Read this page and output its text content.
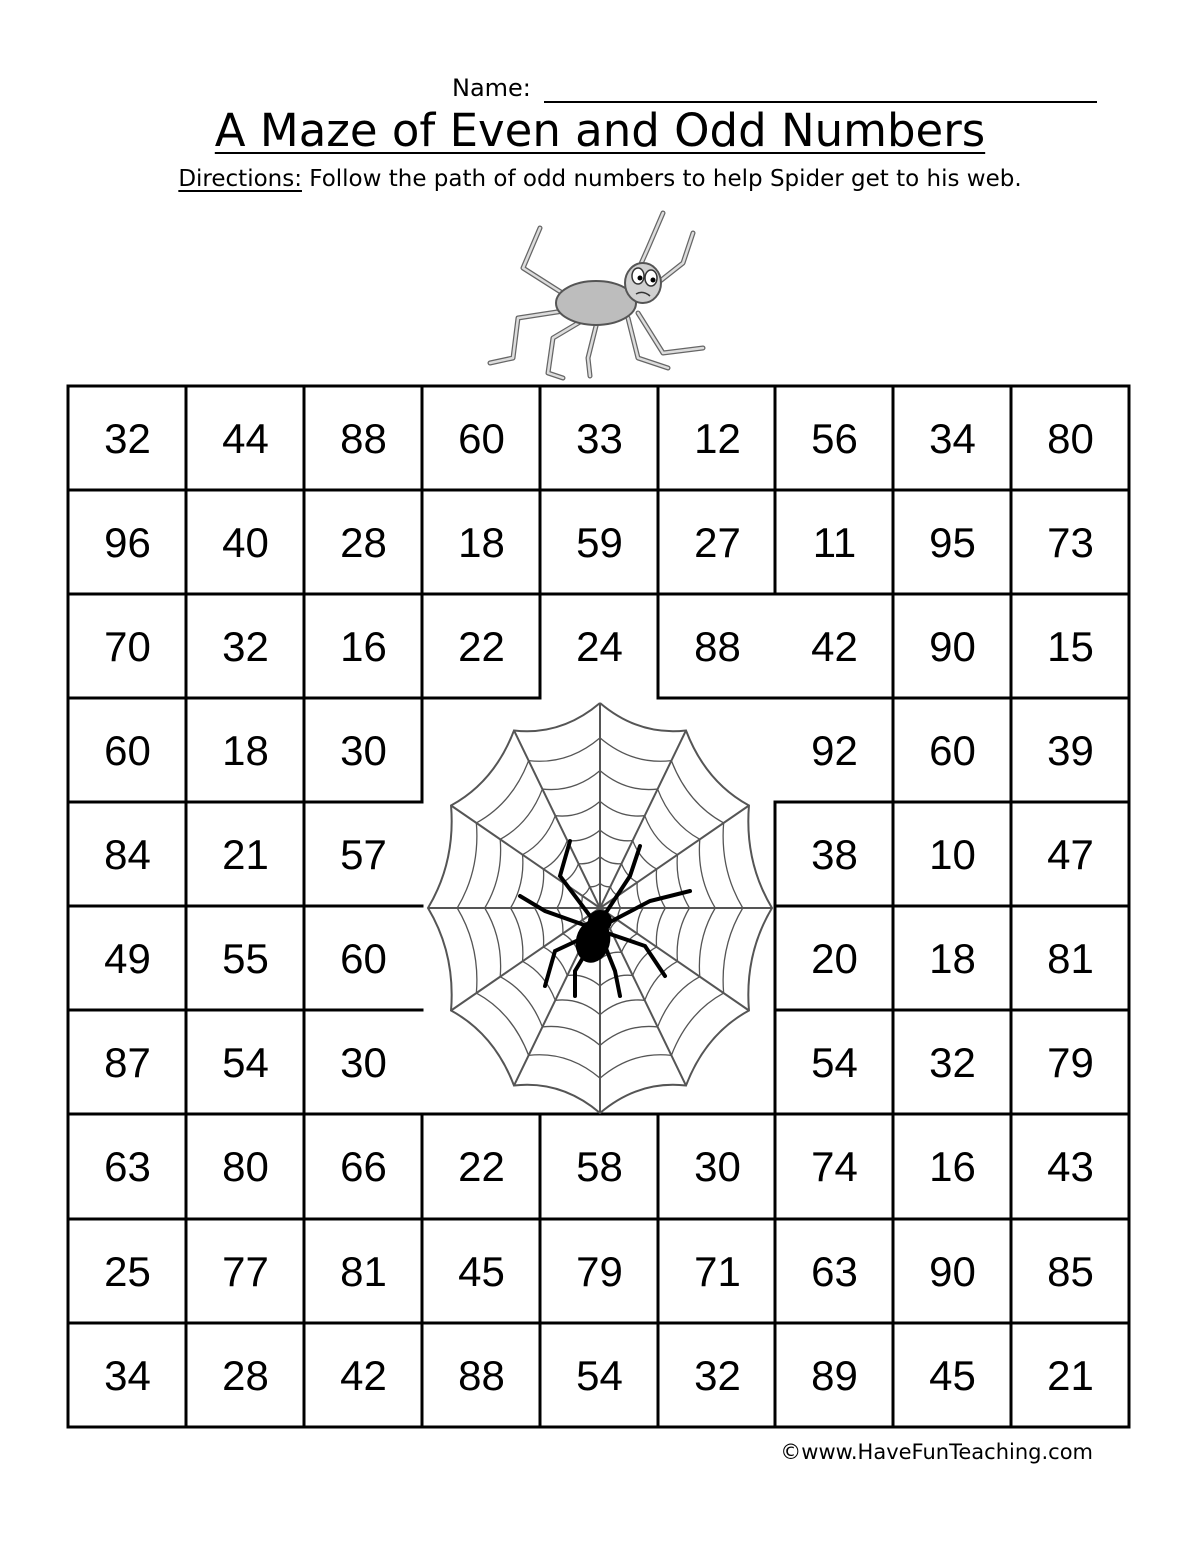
Name:
A Maze of Even and Odd Numbers
Directions: Follow the path of odd numbers to help Spider get to his web.
32	44	88	60	33	12	56	34	80
96	40	28	18	59	27	11	95	73
70	32	16	22	24	88	42	90	15
60	18	30	92	60	39
84	21	57	38	10	47
49	55	60	20	18	81
87	54	30	54	32	79
63	80	66	22	58	30	74	16	43
25	77	81	45	79	71	63	90	85
34	28	42	88	54	32	89	45	21
©www.HaveFunTeaching.com
